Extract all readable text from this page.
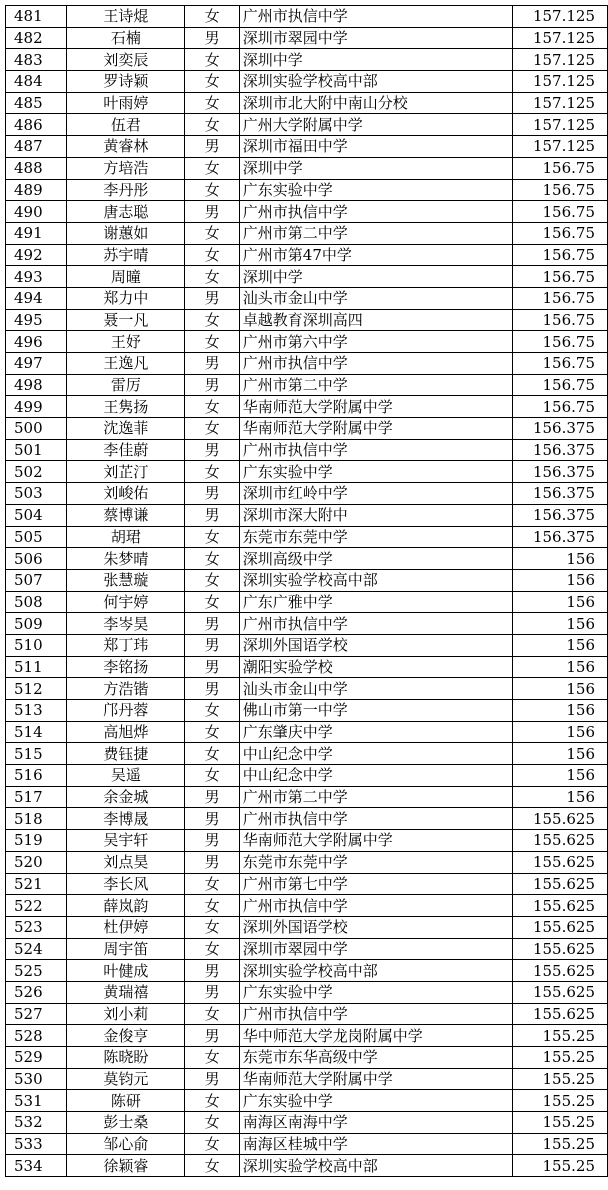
481	王诗焜	女	广州市执信中学	157.125
482	石楠	男	深圳市翠园中学	157.125
483	刘奕辰	女	深圳中学	157.125
484	罗诗颖	女	深圳实验学校高中部	157.125
485	叶雨婷	女	深圳市北大附中南山分校	157.125
486	伍君	女	广州大学附属中学	157.125
487	黄睿林	男	深圳市福田中学	157.125
488	方培浩	女	深圳中学	156.75
489	李丹彤	女	广东实验中学	156.75
490	唐志聪	男	广州市执信中学	156.75
491	谢蕙如	女	广州市第二中学	156.75
492	苏宇晴	女	广州市第47中学	156.75
493	周曈	女	深圳中学	156.75
494	郑力中	男	汕头市金山中学	156.75
495	聂一凡	女	卓越教育深圳高四	156.75
496	王妤	女	广州市第六中学	156.75
497	王逸凡	男	广州市执信中学	156.75
498	雷厉	男	广州市第二中学	156.75
499	王隽扬	女	华南师范大学附属中学	156.75
500	沈逸菲	女	华南师范大学附属中学	156.375
501	李佳蔚	男	广州市执信中学	156.375
502	刘芷汀	女	广东实验中学	156.375
503	刘峻佑	男	深圳市红岭中学	156.375
504	蔡博谦	男	深圳市深大附中	156.375
505	胡珺	女	东莞市东莞中学	156.375
506	朱梦晴	女	深圳高级中学	156
507	张慧璇	女	深圳实验学校高中部	156
508	何宇婷	女	广东广雅中学	156
509	李岑昊	男	广州市执信中学	156
510	郑丁玮	男	深圳外国语学校	156
511	李铭扬	男	潮阳实验学校	156
512	方浩锴	男	汕头市金山中学	156
513	邝丹蓉	女	佛山市第一中学	156
514	高旭烨	女	广东肇庆中学	156
515	费钰捷	女	中山纪念中学	156
516	吴遥	女	中山纪念中学	156
517	余金城	男	广州市第二中学	156
518	李博晟	男	广州市执信中学	155.625
519	吴宇轩	男	华南师范大学附属中学	155.625
520	刘点昊	男	东莞市东莞中学	155.625
521	李长风	女	广州市第七中学	155.625
522	薛岚韵	女	广州市执信中学	155.625
523	杜伊婷	女	深圳外国语学校	155.625
524	周宇笛	女	深圳市翠园中学	155.625
525	叶健成	男	深圳实验学校高中部	155.625
526	黄瑞禧	男	广东实验中学	155.625
527	刘小莉	女	广州市执信中学	155.625
528	金俊亨	男	华中师范大学龙岗附属中学	155.25
529	陈晓盼	女	东莞市东华高级中学	155.25
530	莫钧元	男	华南师范大学附属中学	155.25
531	陈研	女	广东实验中学	155.25
532	彭士桑	女	南海区南海中学	155.25
533	邹心俞	女	南海区桂城中学	155.25
534	徐颖睿	女	深圳实验学校高中部	155.25
